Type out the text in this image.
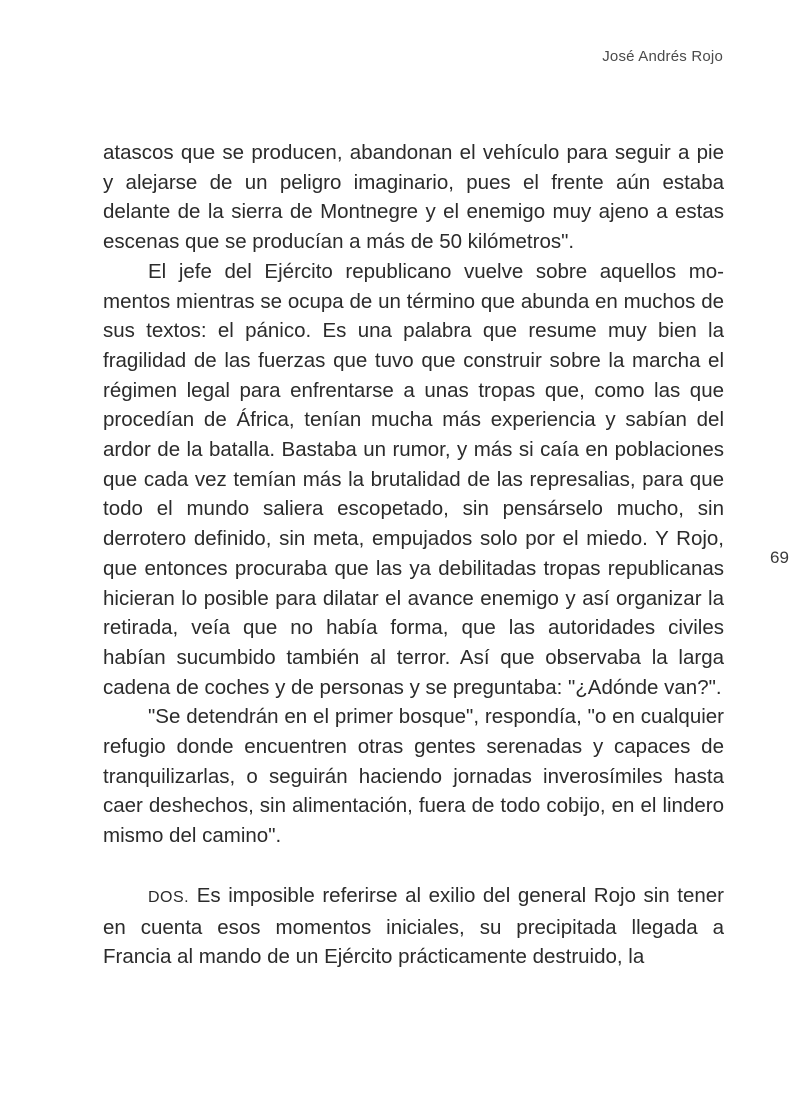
José Andrés Rojo

atascos que se producen, abandonan el vehículo para seguir a pie y alejarse de un peligro imaginario, pues el frente aún estaba delante de la sierra de Montnegre y el enemigo muy ajeno a estas escenas que se producían a más de 50 kilómetros".

El jefe del Ejército republicano vuelve sobre aquellos momentos mientras se ocupa de un término que abunda en muchos de sus textos: el pánico. Es una palabra que resume muy bien la fragilidad de las fuerzas que tuvo que construir sobre la marcha el régimen legal para enfrentarse a unas tropas que, como las que procedían de África, tenían mucha más experiencia y sabían del ardor de la batalla. Bastaba un rumor, y más si caía en poblaciones que cada vez temían más la brutalidad de las represalias, para que todo el mundo saliera escopetado, sin pensárselo mucho, sin derrotero definido, sin meta, empujados solo por el miedo. Y Rojo, que entonces procuraba que las ya debilitadas tropas republicanas hicieran lo posible para dilatar el avance enemigo y así organizar la retirada, veía que no había forma, que las autoridades civiles habían sucumbido también al terror. Así que observaba la larga cadena de coches y de personas y se preguntaba: "¿Adónde van?".

"Se detendrán en el primer bosque", respondía, "o en cualquier refugio donde encuentren otras gentes serenadas y capaces de tranquilizarlas, o seguirán haciendo jornadas inverosímiles hasta caer deshechos, sin alimentación, fuera de todo cobijo, en el lindero mismo del camino".

DOS. Es imposible referirse al exilio del general Rojo sin tener en cuenta esos momentos iniciales, su precipitada llegada a Francia al mando de un Ejército prácticamente destruido, la

69
